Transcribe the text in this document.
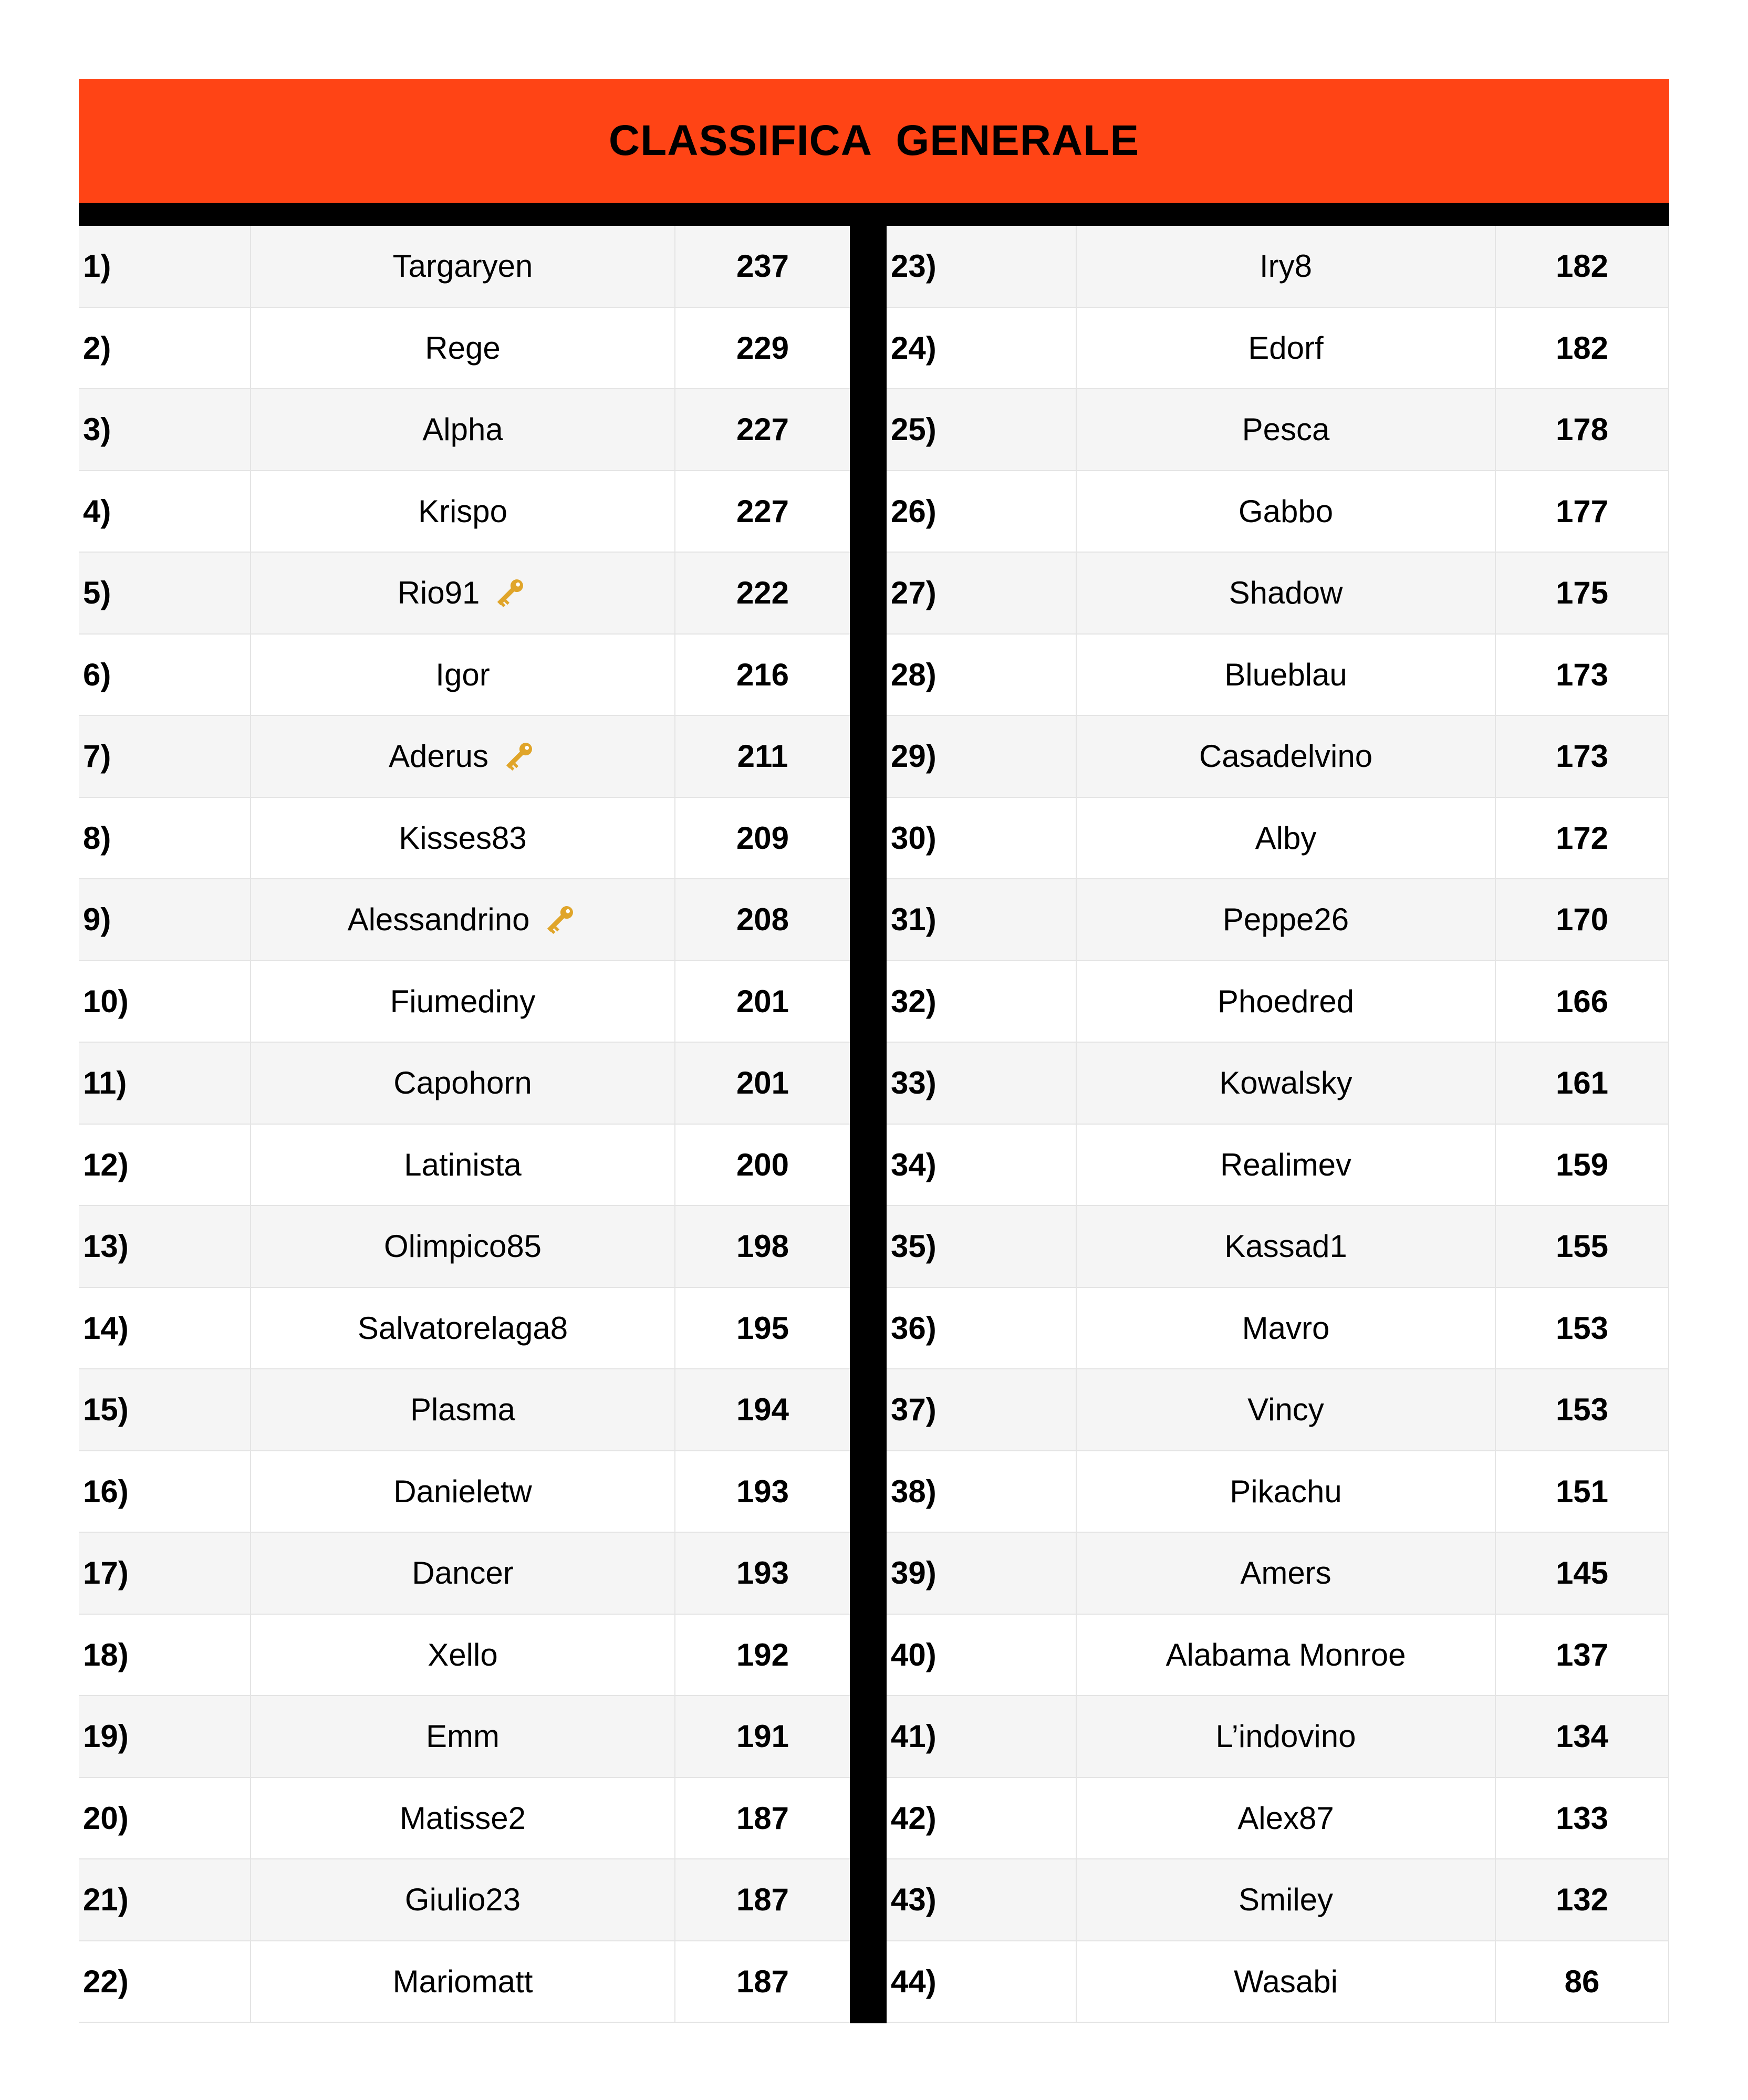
CLASSIFICA  GENERALE
1)	Targaryen	237
2)	Rege	229
3)	Alpha	227
4)	Krispo	227
5)	Rio91	222
6)	Igor	216
7)	Aderus	211
8)	Kisses83	209
9)	Alessandrino	208
10)	Fiumediny	201
11)	Capohorn	201
12)	Latinista	200
13)	Olimpico85	198
14)	Salvatorelaga8	195
15)	Plasma	194
16)	Danieletw	193
17)	Dancer	193
18)	Xello	192
19)	Emm	191
20)	Matisse2	187
21)	Giulio23	187
22)	Mariomatt	187
23)	Iry8	182
24)	Edorf	182
25)	Pesca	178
26)	Gabbo	177
27)	Shadow	175
28)	Blueblau	173
29)	Casadelvino	173
30)	Alby	172
31)	Peppe26	170
32)	Phoedred	166
33)	Kowalsky	161
34)	Realimev	159
35)	Kassad1	155
36)	Mavro	153
37)	Vincy	153
38)	Pikachu	151
39)	Amers	145
40)	Alabama Monroe	137
41)	L’indovino	134
42)	Alex87	133
43)	Smiley	132
44)	Wasabi	86
